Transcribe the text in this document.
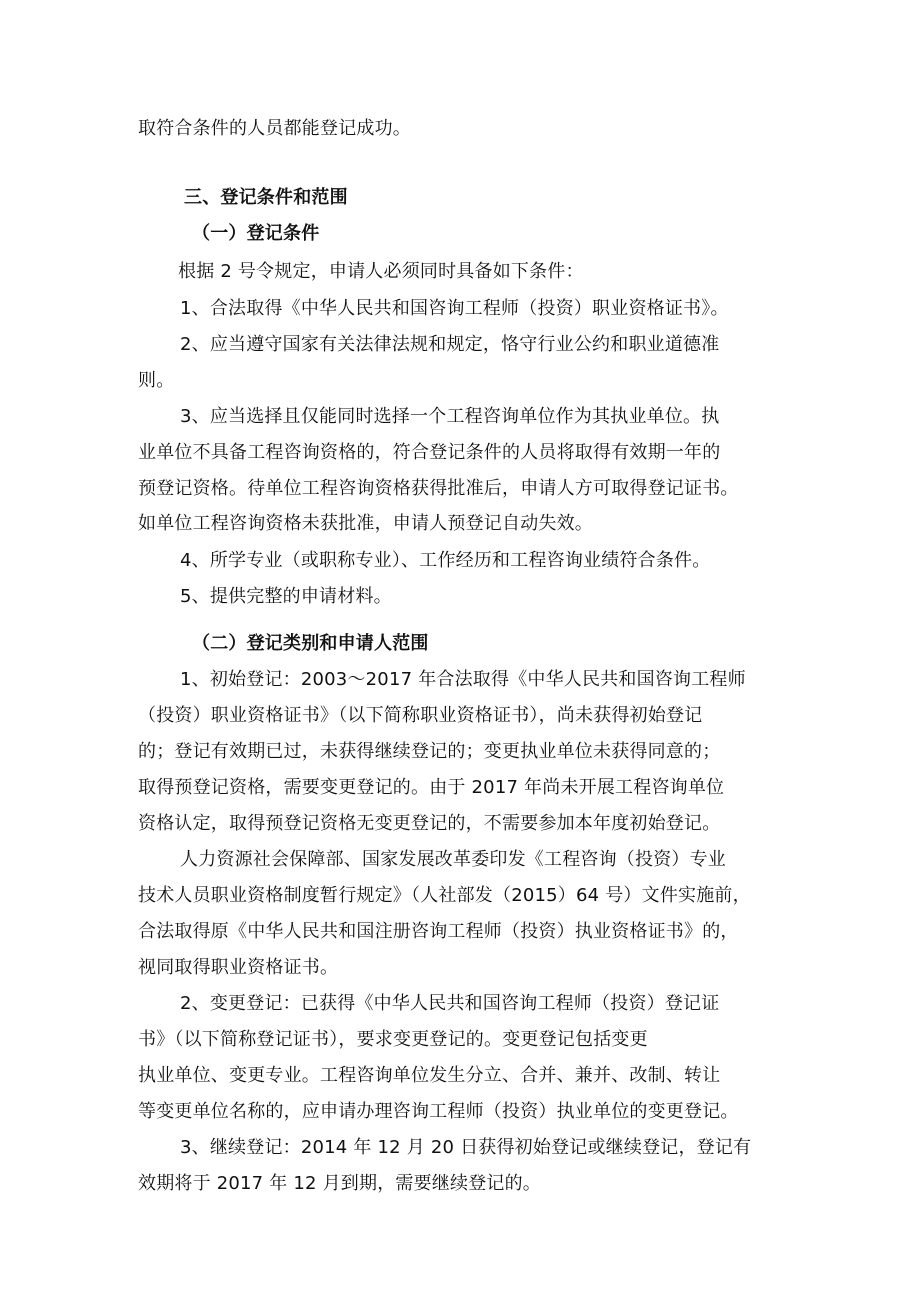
取符合条件的人员都能登记成功。
三、登记条件和范围
（一）登记条件
根据 2 号令规定，申请人必须同时具备如下条件：
1、合法取得《中华人民共和国咨询工程师（投资）职业资格证书》。
2、应当遵守国家有关法律法规和规定，恪守行业公约和职业道德准
则。
3、应当选择且仅能同时选择一个工程咨询单位作为其执业单位。执
业单位不具备工程咨询资格的，符合登记条件的人员将取得有效期一年的
预登记资格。待单位工程咨询资格获得批准后，申请人方可取得登记证书。
如单位工程咨询资格未获批准，申请人预登记自动失效。
4、所学专业（或职称专业）、工作经历和工程咨询业绩符合条件。
5、提供完整的申请材料。
（二）登记类别和申请人范围
1、初始登记：2003～2017 年合法取得《中华人民共和国咨询工程师
（投资）职业资格证书》（以下简称职业资格证书），尚未获得初始登记
的；登记有效期已过，未获得继续登记的；变更执业单位未获得同意的；
取得预登记资格，需要变更登记的。由于 2017 年尚未开展工程咨询单位
资格认定，取得预登记资格无变更登记的，不需要参加本年度初始登记。
人力资源社会保障部、国家发展改革委印发《工程咨询（投资）专业
技术人员职业资格制度暂行规定》（人社部发（2015）64 号）文件实施前，
合法取得原《中华人民共和国注册咨询工程师（投资）执业资格证书》的，
视同取得职业资格证书。
2、变更登记：已获得《中华人民共和国咨询工程师（投资）登记证
书》（以下简称登记证书），要求变更登记的。变更登记包括变更
执业单位、变更专业。工程咨询单位发生分立、合并、兼并、改制、转让
等变更单位名称的，应申请办理咨询工程师（投资）执业单位的变更登记。
3、继续登记：2014 年 12 月 20 日获得初始登记或继续登记，登记有
效期将于 2017 年 12 月到期，需要继续登记的。
